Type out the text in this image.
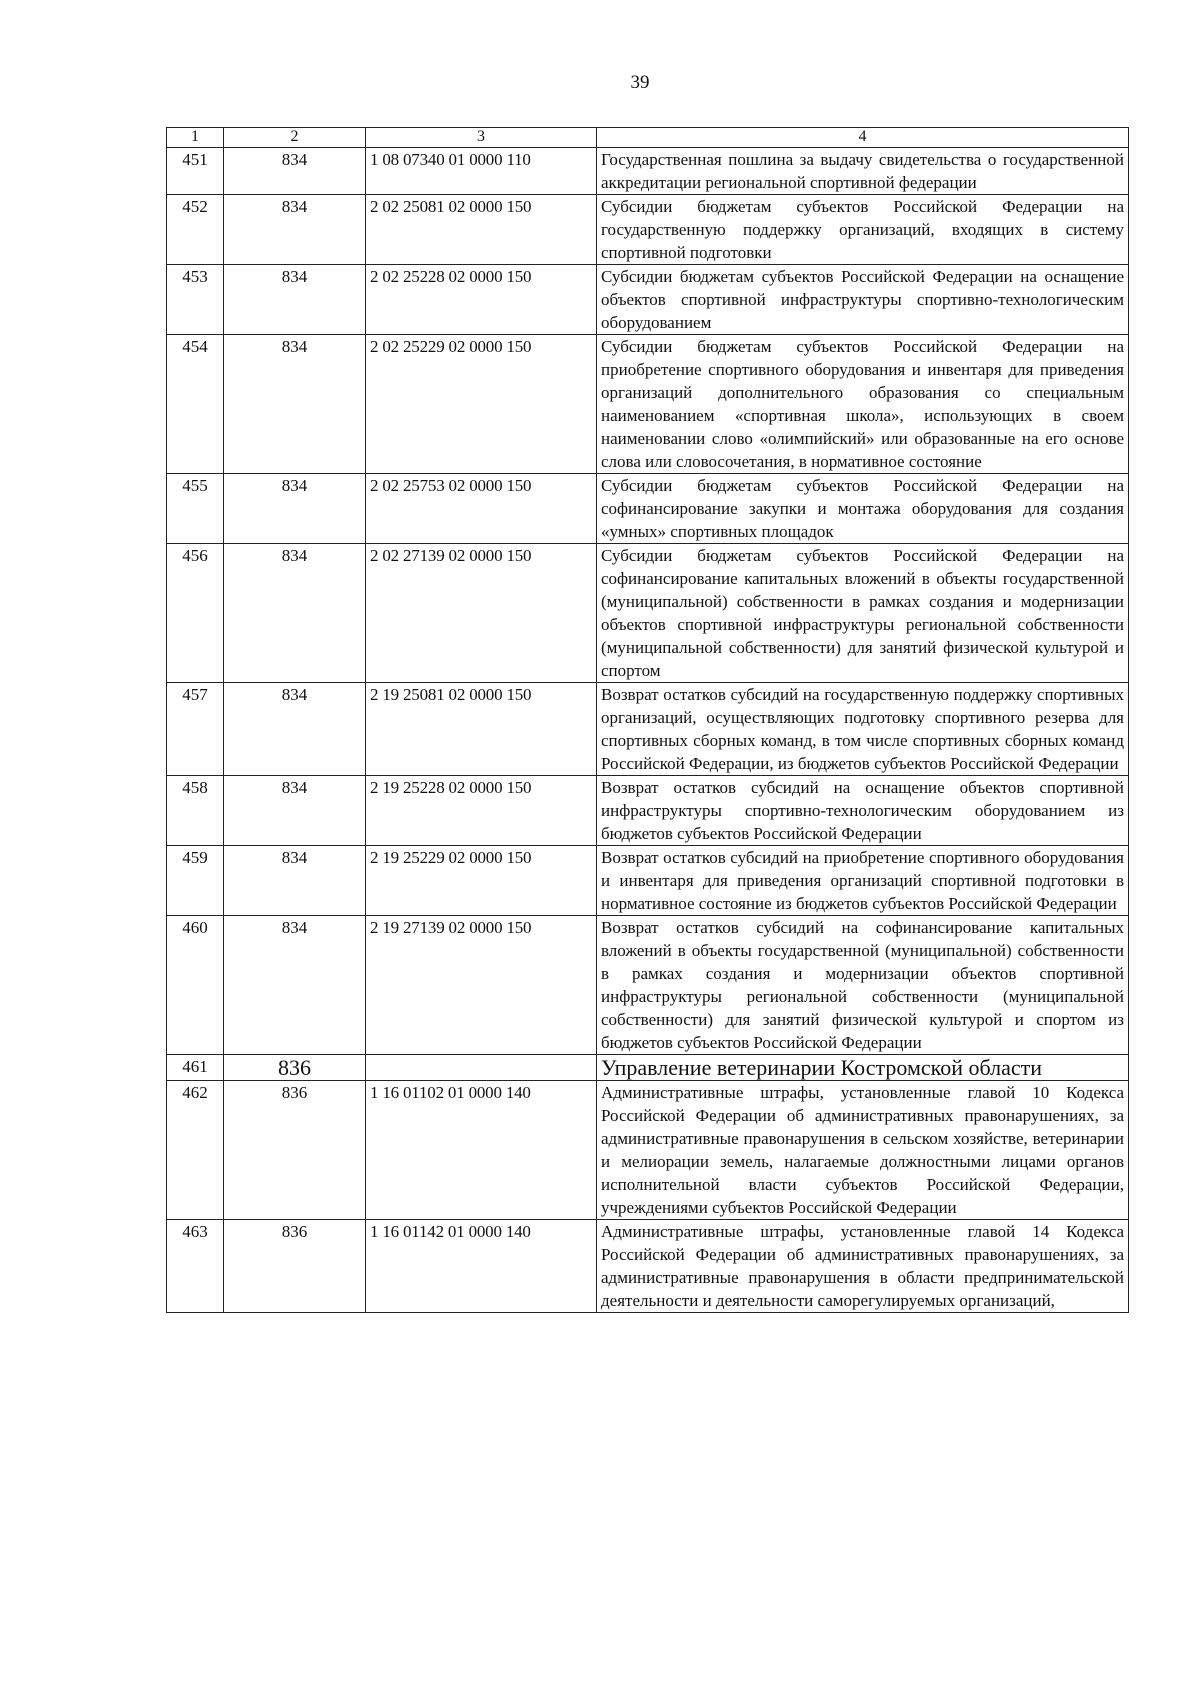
39
1	2	3	4
451	834	1 08 07340 01 0000 110	Государственная пошлина за выдачу свидетельства о государственной аккредитации региональной спортивной федерации
452	834	2 02 25081 02 0000 150	Субсидии бюджетам субъектов Российской Федерации на государственную поддержку организаций, входящих в систему спортивной подготовки
453	834	2 02 25228 02 0000 150	Субсидии бюджетам субъектов Российской Федерации на оснащение объектов спортивной инфраструктуры спортивно-технологическим оборудованием
454	834	2 02 25229 02 0000 150	Субсидии бюджетам субъектов Российской Федерации на приобретение спортивного оборудования и инвентаря для приведения организаций дополнительного образования со специальным наименованием «спортивная школа», использующих в своем наименовании слово «олимпийский» или образованные на его основе слова или словосочетания, в нормативное состояние
455	834	2 02 25753 02 0000 150	Субсидии бюджетам субъектов Российской Федерации на софинансирование закупки и монтажа оборудования для создания «умных» спортивных площадок
456	834	2 02 27139 02 0000 150	Субсидии бюджетам субъектов Российской Федерации на софинансирование капитальных вложений в объекты государственной (муниципальной) собственности в рамках создания и модернизации объектов спортивной инфраструктуры региональной собственности (муниципальной собственности) для занятий физической культурой и спортом
457	834	2 19 25081 02 0000 150	Возврат остатков субсидий на государственную поддержку спортивных организаций, осуществляющих подготовку спортивного резерва для спортивных сборных команд, в том числе спортивных сборных команд Российской Федерации, из бюджетов субъектов Российской Федерации
458	834	2 19 25228 02 0000 150	Возврат остатков субсидий на оснащение объектов спортивной инфраструктуры спортивно-технологическим оборудованием из бюджетов субъектов Российской Федерации
459	834	2 19 25229 02 0000 150	Возврат остатков субсидий на приобретение спортивного оборудования и инвентаря для приведения организаций спортивной подготовки в нормативное состояние из бюджетов субъектов Российской Федерации
460	834	2 19 27139 02 0000 150	Возврат остатков субсидий на софинансирование капитальных вложений в объекты государственной (муниципальной) собственности в рамках создания и модернизации объектов спортивной инфраструктуры региональной собственности (муниципальной собственности) для занятий физической культурой и спортом из бюджетов субъектов Российской Федерации
461	836		Управление ветеринарии Костромской области
462	836	1 16 01102 01 0000 140	Административные штрафы, установленные главой 10 Кодекса Российской Федерации об административных правонарушениях, за административные правонарушения в сельском хозяйстве, ветеринарии и мелиорации земель, налагаемые должностными лицами органов исполнительной власти субъектов Российской Федерации, учреждениями субъектов Российской Федерации
463	836	1 16 01142 01 0000 140	Административные штрафы, установленные главой 14 Кодекса Российской Федерации об административных правонарушениях, за административные правонарушения в области предпринимательской деятельности и деятельности саморегулируемых организаций,
